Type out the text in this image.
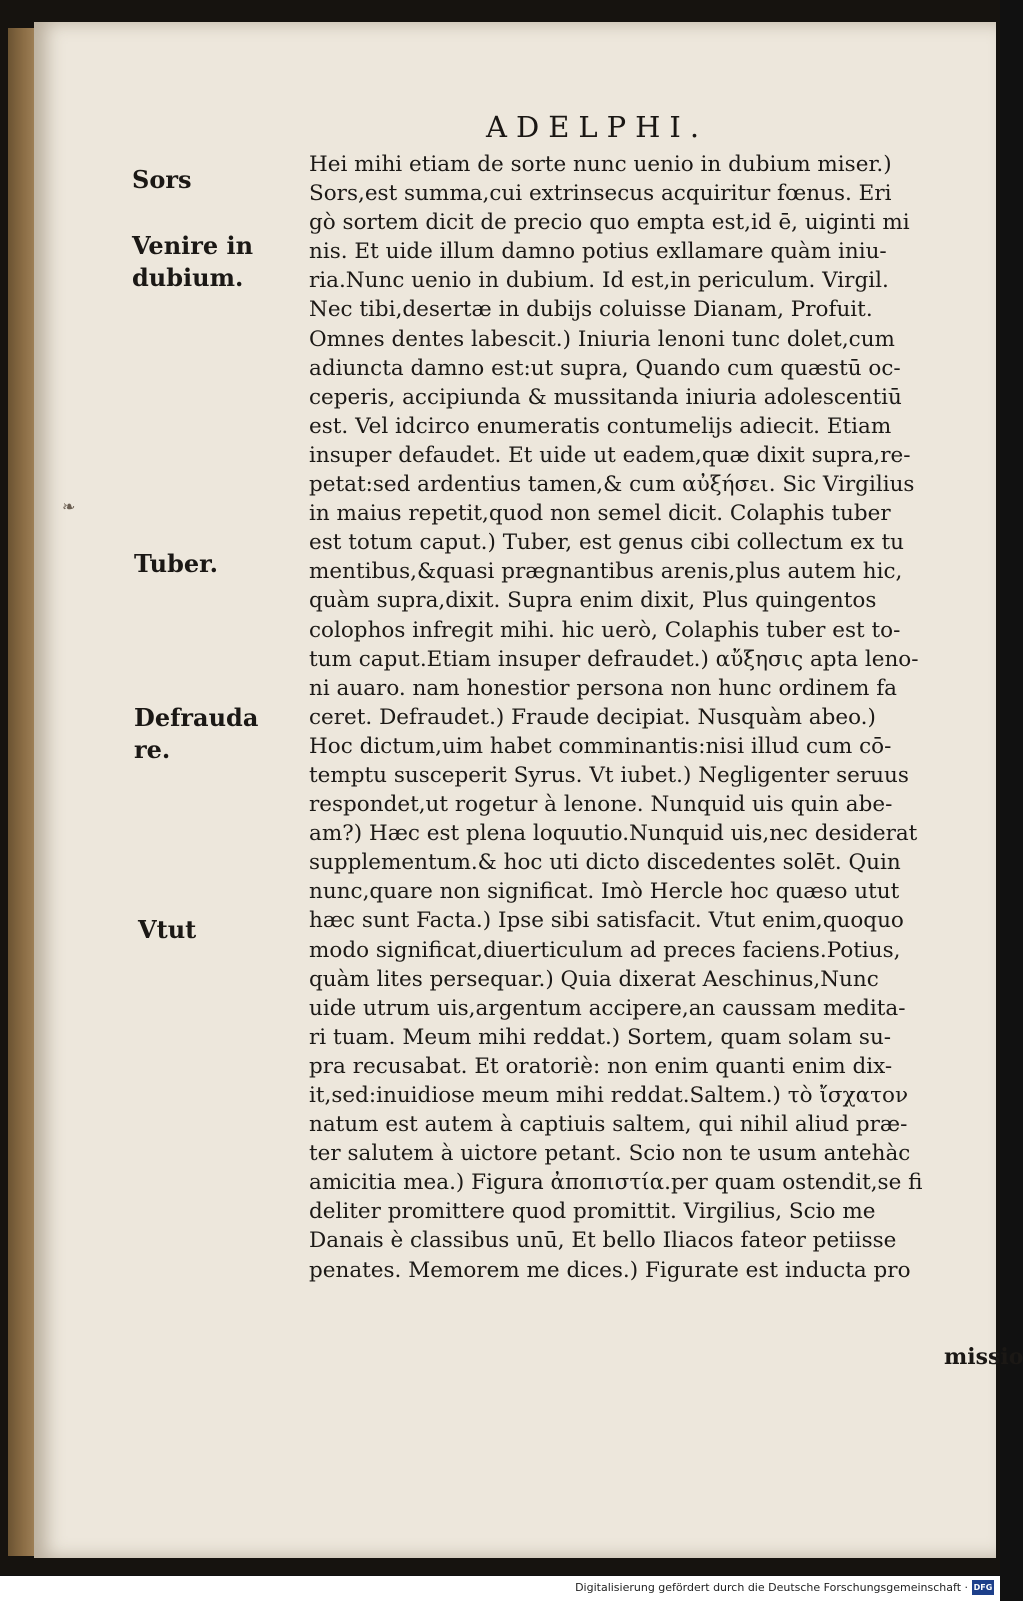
ADELPHI.
Sors
Venire in
dubium.
Tuber.
Defrauda
re.
Vtut
❧
Hei mihi etiam de sorte nunc uenio in dubium miser.)
Sors,est summa,cui extrinsecus acquiritur fœnus. Eri
gò sortem dicit de precio quo empta est,id ē, uiginti mi
nis. Et uide illum damno potius exllamare quàm iniu-
ria.Nunc uenio in dubium. Id est,in periculum. Virgil.
Nec tibi,desertæ in dubijs coluisse Dianam, Profuit.
Omnes dentes labescit.) Iniuria lenoni tunc dolet,cum
adiuncta damno est:ut supra, Quando cum quæstū oc-
ceperis, accipiunda & mussitanda iniuria adolescentiū
est. Vel idcirco enumeratis contumelijs adiecit. Etiam
insuper defaudet. Et uide ut eadem,quæ dixit supra,re-
petat:sed ardentius tamen,& cum αὐξήσει. Sic Virgilius
in maius repetit,quod non semel dicit. Colaphis tuber
est totum caput.) Tuber, est genus cibi collectum ex tu
mentibus,&quasi prægnantibus arenis,plus autem hic,
quàm supra,dixit. Supra enim dixit, Plus quingentos
colophos infregit mihi. hic uerò, Colaphis tuber est to-
tum caput.Etiam insuper defraudet.) αὔξησις apta leno-
ni auaro. nam honestior persona non hunc ordinem fa
ceret. Defraudet.) Fraude decipiat. Nusquàm abeo.)
Hoc dictum,uim habet comminantis:nisi illud cum cō-
temptu susceperit Syrus. Vt iubet.) Negligenter seruus
respondet,ut rogetur à lenone. Nunquid uis quin abe-
am?) Hæc est plena loquutio.Nunquid uis,nec desiderat
supplementum.& hoc uti dicto discedentes solēt. Quin
nunc,quare non significat. Imò Hercle hoc quæso utut
hæc sunt Facta.) Ipse sibi satisfacit. Vtut enim,quoquo
modo significat,diuerticulum ad preces faciens.Potius,
quàm lites persequar.) Quia dixerat Aeschinus,Nunc
uide utrum uis,argentum accipere,an caussam medita-
ri tuam. Meum mihi reddat.) Sortem, quam solam su-
pra recusabat. Et oratoriè: non enim quanti enim dix-
it,sed:inuidiose meum mihi reddat.Saltem.) τὸ ἴσχατον
natum est autem à captiuis saltem, qui nihil aliud præ-
ter salutem à uictore petant. Scio non te usum antehàc
amicitia mea.) Figura ἀποπιστία.per quam ostendit,se fi
deliter promittere quod promittit. Virgilius, Scio me
Danais è classibus unū, Et bello Iliacos fateor petiisse
penates. Memorem me dices.) Figurate est inducta pro
missio
Digitalisierung gefördert durch die Deutsche Forschungsgemeinschaft · DFG
